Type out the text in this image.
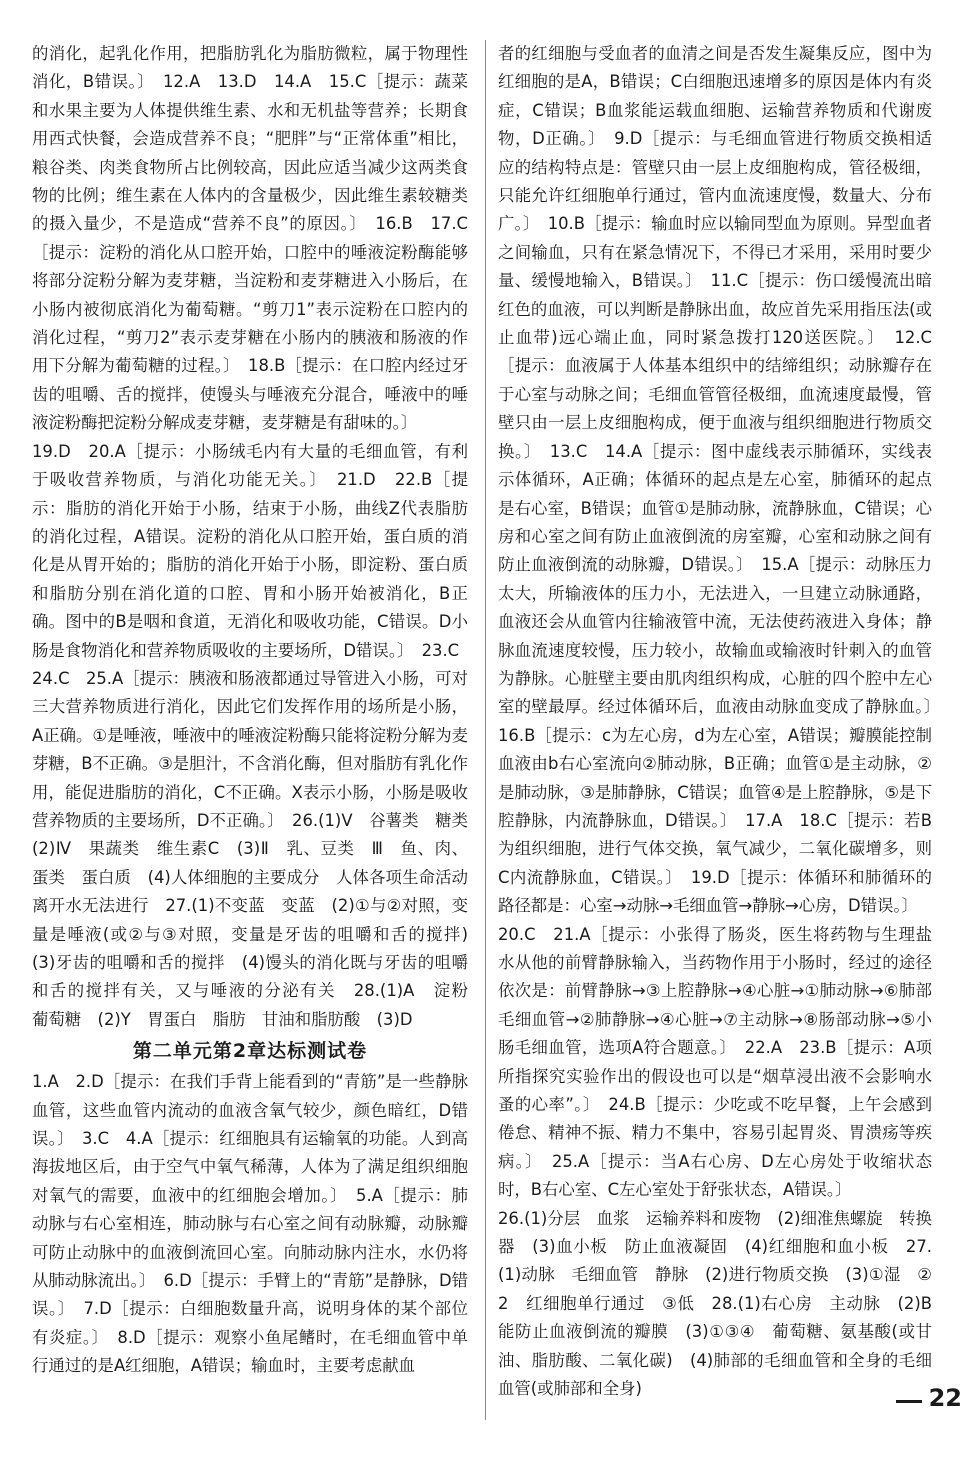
的消化，起乳化作用，把脂肪乳化为脂肪微粒，属于物理性消化，B错误。〕　12.A　13.D　14.A　15.C［提示：蔬菜和水果主要为人体提供维生素、水和无机盐等营养；长期食用西式快餐，会造成营养不良；“肥胖”与“正常体重”相比，粮谷类、肉类食物所占比例较高，因此应适当减少这两类食物的比例；维生素在人体内的含量极少，因此维生素较糖类的摄入量少，不是造成“营养不良”的原因。〕　16.B　17.C［提示：淀粉的消化从口腔开始，口腔中的唾液淀粉酶能够将部分淀粉分解为麦芽糖，当淀粉和麦芽糖进入小肠后，在小肠内被彻底消化为葡萄糖。“剪刀1”表示淀粉在口腔内的消化过程，“剪刀2”表示麦芽糖在小肠内的胰液和肠液的作用下分解为葡萄糖的过程。〕　18.B［提示：在口腔内经过牙齿的咀嚼、舌的搅拌，使馒头与唾液充分混合，唾液中的唾液淀粉酶把淀粉分解成麦芽糖，麦芽糖是有甜味的。〕

19.D　20.A［提示：小肠绒毛内有大量的毛细血管，有利于吸收营养物质，与消化功能无关。〕　21.D　22.B［提示：脂肪的消化开始于小肠，结束于小肠，曲线Z代表脂肪的消化过程，A错误。淀粉的消化从口腔开始，蛋白质的消化是从胃开始的；脂肪的消化开始于小肠，即淀粉、蛋白质和脂肪分别在消化道的口腔、胃和小肠开始被消化，B正确。图中的B是咽和食道，无消化和吸收功能，C错误。D小肠是食物消化和营养物质吸收的主要场所，D错误。〕　23.C

24.C　25.A［提示：胰液和肠液都通过导管进入小肠，可对三大营养物质进行消化，因此它们发挥作用的场所是小肠，A正确。①是唾液，唾液中的唾液淀粉酶只能将淀粉分解为麦芽糖，B不正确。③是胆汁，不含消化酶，但对脂肪有乳化作用，能促进脂肪的消化，C不正确。X表示小肠，小肠是吸收营养物质的主要场所，D不正确。〕　26.(1)Ⅴ　谷薯类　糖类　(2)Ⅳ　果蔬类　维生素C　(3)Ⅱ　乳、豆类　Ⅲ　鱼、肉、蛋类　蛋白质　(4)人体细胞的主要成分　人体各项生命活动离开水无法进行　27.(1)不变蓝　变蓝　(2)①与②对照，变量是唾液(或②与③对照，变量是牙齿的咀嚼和舌的搅拌)　(3)牙齿的咀嚼和舌的搅拌　(4)馒头的消化既与牙齿的咀嚼和舌的搅拌有关，又与唾液的分泌有关　28.(1)A　淀粉　葡萄糖　(2)Y　胃蛋白　脂肪　甘油和脂肪酸　(3)D

第二单元第2章达标测试卷

1.A　2.D［提示：在我们手背上能看到的“青筋”是一些静脉血管，这些血管内流动的血液含氧气较少，颜色暗红，D错误。〕　3.C　4.A［提示：红细胞具有运输氧的功能。人到高海拔地区后，由于空气中氧气稀薄，人体为了满足组织细胞对氧气的需要，血液中的红细胞会增加。〕　5.A［提示：肺动脉与右心室相连，肺动脉与右心室之间有动脉瓣，动脉瓣可防止动脉中的血液倒流回心室。向肺动脉内注水，水仍将从肺动脉流出。〕　6.D［提示：手臂上的“青筋”是静脉，D错误。〕　7.D［提示：白细胞数量升高，说明身体的某个部位有炎症。〕　8.D［提示：观察小鱼尾鳍时，在毛细血管中单行通过的是A红细胞，A错误；输血时，主要考虑献血

者的红细胞与受血者的血清之间是否发生凝集反应，图中为红细胞的是A，B错误；C白细胞迅速增多的原因是体内有炎症，C错误；B血浆能运载血细胞、运输营养物质和代谢废物，D正确。〕　9.D［提示：与毛细血管进行物质交换相适应的结构特点是：管壁只由一层上皮细胞构成，管径极细，只能允许红细胞单行通过，管内血流速度慢，数量大、分布广。〕　10.B［提示：输血时应以输同型血为原则。异型血者之间输血，只有在紧急情况下，不得已才采用，采用时要少量、缓慢地输入，B错误。〕　11.C［提示：伤口缓慢流出暗红色的血液，可以判断是静脉出血，故应首先采用指压法(或止血带)远心端止血，同时紧急拨打120送医院。〕　12.C［提示：血液属于人体基本组织中的结缔组织；动脉瓣存在于心室与动脉之间；毛细血管管径极细，血流速度最慢，管壁只由一层上皮细胞构成，便于血液与组织细胞进行物质交换。〕　13.C　14.A［提示：图中虚线表示肺循环，实线表示体循环，A正确；体循环的起点是左心室，肺循环的起点是右心室，B错误；血管①是肺动脉，流静脉血，C错误；心房和心室之间有防止血液倒流的房室瓣，心室和动脉之间有防止血液倒流的动脉瓣，D错误。〕　15.A［提示：动脉压力太大，所输液体的压力小，无法进入，一旦建立动脉通路，血液还会从血管内往输液管中流，无法使药液进入身体；静脉血流速度较慢，压力较小，故输血或输液时针刺入的血管为静脉。心脏壁主要由肌肉组织构成，心脏的四个腔中左心室的壁最厚。经过体循环后，血液由动脉血变成了静脉血。〕　16.B［提示：c为左心房，d为左心室，A错误；瓣膜能控制血液由b右心室流向②肺动脉，B正确；血管①是主动脉，②是肺动脉，③是肺静脉，C错误；血管④是上腔静脉，⑤是下腔静脉，内流静脉血，D错误。〕　17.A　18.C［提示：若B为组织细胞，进行气体交换，氧气减少，二氧化碳增多，则C内流静脉血，C错误。〕　19.D［提示：体循环和肺循环的路径都是：心室→动脉→毛细血管→静脉→心房，D错误。〕

20.C　21.A［提示：小张得了肠炎，医生将药物与生理盐水从他的前臂静脉输入，当药物作用于小肠时，经过的途径依次是：前臂静脉→③上腔静脉→④心脏→①肺动脉→⑥肺部毛细血管→②肺静脉→④心脏→⑦主动脉→⑧肠部动脉→⑤小肠毛细血管，选项A符合题意。〕　22.A　23.B［提示：A项所指探究实验作出的假设也可以是“烟草浸出液不会影响水蚤的心率”。〕　24.B［提示：少吃或不吃早餐，上午会感到倦怠、精神不振、精力不集中，容易引起胃炎、胃溃疡等疾病。〕　25.A［提示：当A右心房、D左心房处于收缩状态时，B右心室、C左心室处于舒张状态，A错误。〕

26.(1)分层　血浆　运输养料和废物　(2)细准焦螺旋　转换器　(3)血小板　防止血液凝固　(4)红细胞和血小板　27.(1)动脉　毛细血管　静脉　(2)进行物质交换　(3)①湿　②2　红细胞单行通过　③低　28.(1)右心房　主动脉　(2)B　能防止血液倒流的瓣膜　(3)①③④　葡萄糖、氨基酸(或甘油、脂肪酸、二氧化碳)　(4)肺部的毛细血管和全身的毛细血管(或肺部和全身)	22
